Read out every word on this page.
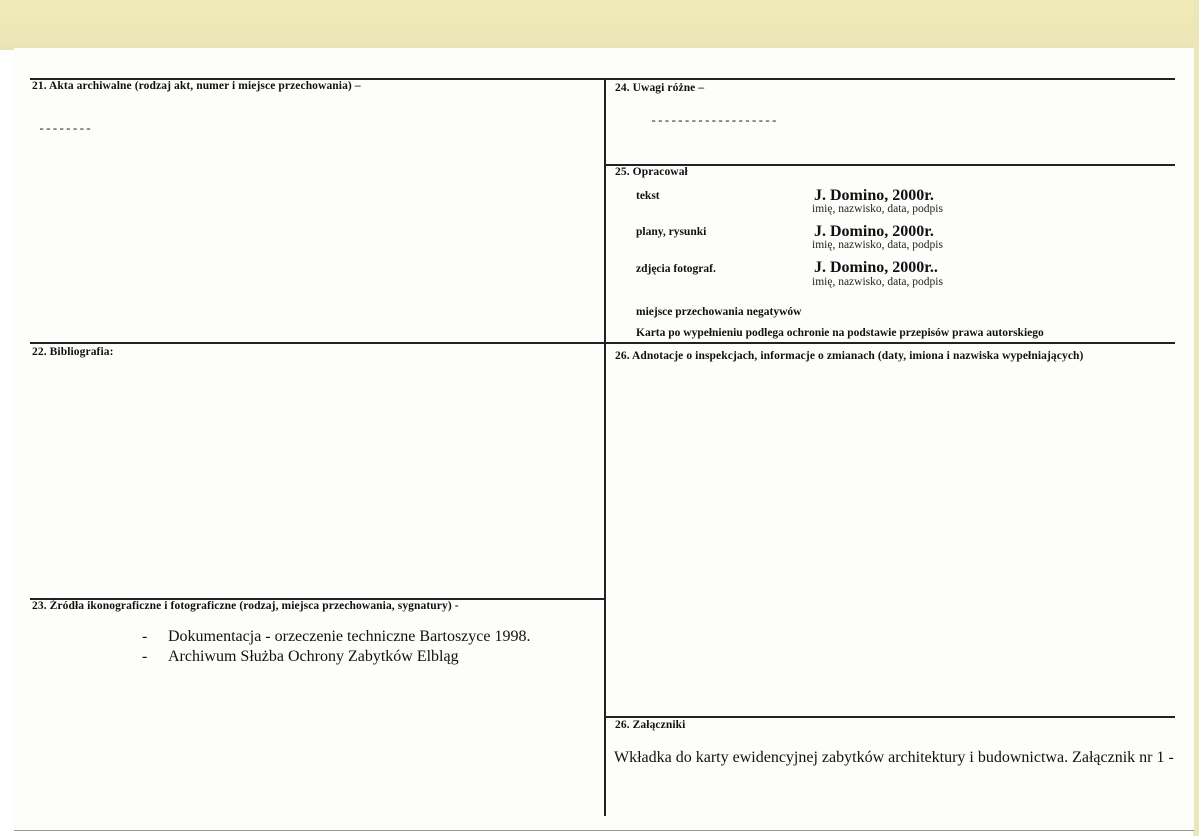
21. Akta archiwalne (rodzaj akt, numer i miejsce przechowania) –
--------
24. Uwagi różne –
-------------------
25. Opracował
tekst	J. Domino, 2000r.
imię, nazwisko, data, podpis
plany, rysunki	J. Domino, 2000r.
imię, nazwisko, data, podpis
zdjęcia fotograf.	J. Domino, 2000r..
imię, nazwisko, data, podpis
miejsce przechowania negatywów
Karta po wypełnieniu podlega ochronie na podstawie przepisów prawa autorskiego
22. Bibliografia:	26. Adnotacje o inspekcjach, informacje o zmianach (daty, imiona i nazwiska wypełniających)
23. Źródła ikonograficzne i fotograficzne (rodzaj, miejsca przechowania, sygnatury) -
- Dokumentacja - orzeczenie techniczne Bartoszyce 1998.
- Archiwum Służba Ochrony Zabytków Elbląg
26. Załączniki
Wkładka do karty ewidencyjnej zabytków architektury i budownictwa. Załącznik nr 1 -
